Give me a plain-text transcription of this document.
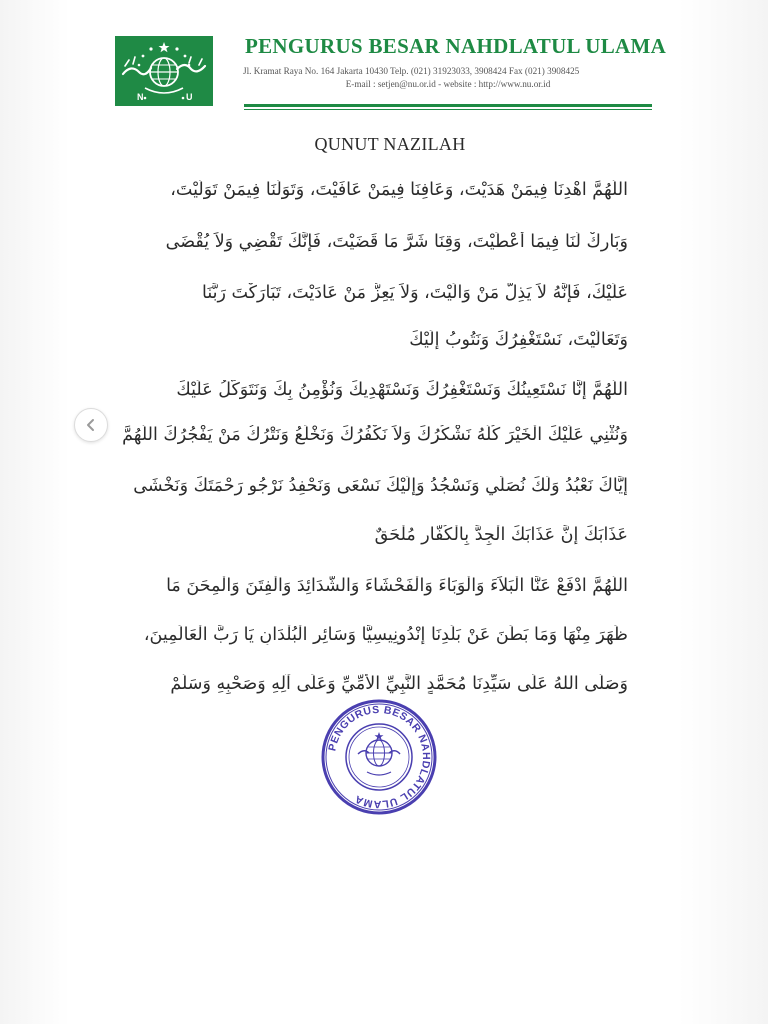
N	U
PENGURUS BESAR NAHDLATUL ULAMA
Jl. Kramat Raya No. 164 Jakarta 10430 Telp. (021) 31923033, 3908424 Fax (021) 3908425
E-mail : setjen@nu.or.id - website : http://www.nu.or.id
QUNUT NAZILAH
اللَّهُمَّ اهْدِنَا فِيمَنْ هَدَيْتَ، وَعَافِنَا فِيمَنْ عَافَيْتَ، وَتَوَلَّنَا فِيمَنْ تَوَلَّيْتَ،
وَبَارِكْ لَنَا فِيمَا أَعْطَيْتَ، وَقِنَا شَرَّ مَا قَضَيْتَ، فَإِنَّكَ تَقْضِي وَلاَ يُقْضَى
عَلَيْكَ، فَإِنَّهُ لاَ يَذِلُّ مَنْ وَالَيْتَ، وَلاَ يَعِزُّ مَنْ عَادَيْتَ، تَبَارَكْتَ رَبَّنَا
وَتَعَالَيْتَ، نَسْتَغْفِرُكَ وَنَتُوبُ إِلَيْكَ
اللَّهُمَّ إِنَّا نَسْتَعِينُكَ وَنَسْتَغْفِرُكَ وَنَسْتَهْدِيكَ وَنُؤْمِنُ بِكَ وَنَتَوَكَّلُ عَلَيْكَ
وَنُثْنِي عَلَيْكَ الْخَيْرَ كُلَّهُ نَشْكُرُكَ وَلاَ نَكْفُرُكَ وَنَخْلَعُ وَنَتْرُكُ مَنْ يَفْجُرُكَ اللَّهُمَّ
إِيَّاكَ نَعْبُدُ وَلَكَ نُصَلِّي وَنَسْجُدُ وَإِلَيْكَ نَسْعَى وَنَحْفِدُ نَرْجُو رَحْمَتَكَ وَنَخْشَى
عَذَابَكَ إِنَّ عَذَابَكَ الْجِدَّ بِالْكُفَّارِ مُلْحَقٌ
اللَّهُمَّ ادْفَعْ عَنَّا الْبَلاَءَ وَالْوَبَاءَ وَالْفَحْشَاءَ وَالشَّدَائِدَ وَالْفِتَنَ وَالْمِحَنَ مَا
ظَهَرَ مِنْهَا وَمَا بَطَنَ عَنْ بَلَدِنَا إِنْدُونِيسِيَّا وَسَائِرِ الْبُلْدَانِ يَا رَبَّ الْعَالَمِينَ،
وَصَلَّى اللهُ عَلَى سَيِّدِنَا مُحَمَّدٍ النَّبِيِّ الأُمِّيِّ وَعَلَى آلِهِ وَصَحْبِهِ وَسَلَّمْ
PENGURUS BESAR NAHDLATUL ULAMA
